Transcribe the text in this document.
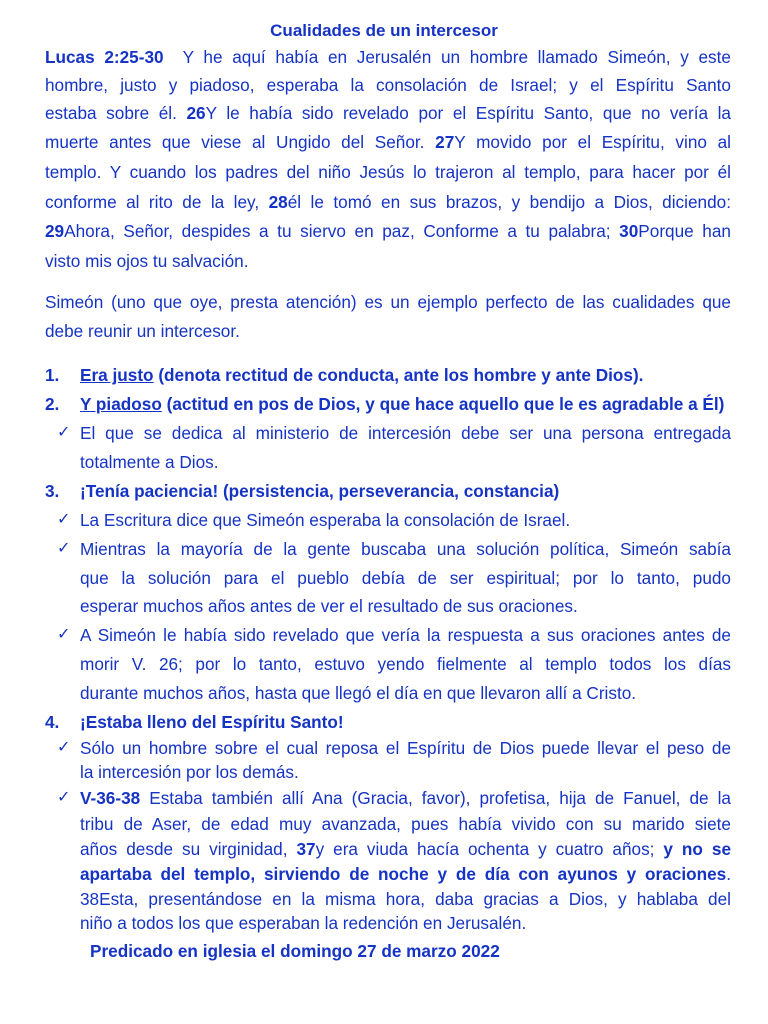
Cualidades de un intercesor
Lucas 2:25-30 Y he aquí había en Jerusalén un hombre llamado Simeón, y este
hombre, justo y piadoso, esperaba la consolación de Israel; y el Espíritu Santo
estaba sobre él. 26Y le había sido revelado por el Espíritu Santo, que no vería la
muerte antes que viese al Ungido del Señor. 27Y movido por el Espíritu, vino al
templo. Y cuando los padres del niño Jesús lo trajeron al templo, para hacer por él
conforme al rito de la ley, 28él le tomó en sus brazos, y bendijo a Dios, diciendo:
29Ahora, Señor, despides a tu siervo en paz, Conforme a tu palabra; 30Porque han
visto mis ojos tu salvación.
Simeón (uno que oye, presta atención) es un ejemplo perfecto de las cualidades que
debe reunir un intercesor.
1. Era justo (denota rectitud de conducta, ante los hombre y ante Dios).
2. Y piadoso (actitud en pos de Dios, y que hace aquello que le es agradable a Él)
✓ El que se dedica al ministerio de intercesión debe ser una persona entregada
totalmente a Dios.
3. ¡Tenía paciencia! (persistencia, perseverancia, constancia)
✓ La Escritura dice que Simeón esperaba la consolación de Israel.
✓ Mientras la mayoría de la gente buscaba una solución política, Simeón sabía
que la solución para el pueblo debía de ser espiritual; por lo tanto, pudo
esperar muchos años antes de ver el resultado de sus oraciones.
✓ A Simeón le había sido revelado que vería la respuesta a sus oraciones antes de
morir V. 26; por lo tanto, estuvo yendo fielmente al templo todos los días
durante muchos años, hasta que llegó el día en que llevaron allí a Cristo.
4. ¡Estaba lleno del Espíritu Santo!
✓ Sólo un hombre sobre el cual reposa el Espíritu de Dios puede llevar el peso de
la intercesión por los demás.
✓ V-36-38 Estaba también allí Ana (Gracia, favor), profetisa, hija de Fanuel, de la
tribu de Aser, de edad muy avanzada, pues había vivido con su marido siete
años desde su virginidad, 37y era viuda hacía ochenta y cuatro años; y no se
apartaba del templo, sirviendo de noche y de día con ayunos y oraciones.
38Esta, presentándose en la misma hora, daba gracias a Dios, y hablaba del
niño a todos los que esperaban la redención en Jerusalén.
Predicado en iglesia el domingo 27 de marzo 2022
